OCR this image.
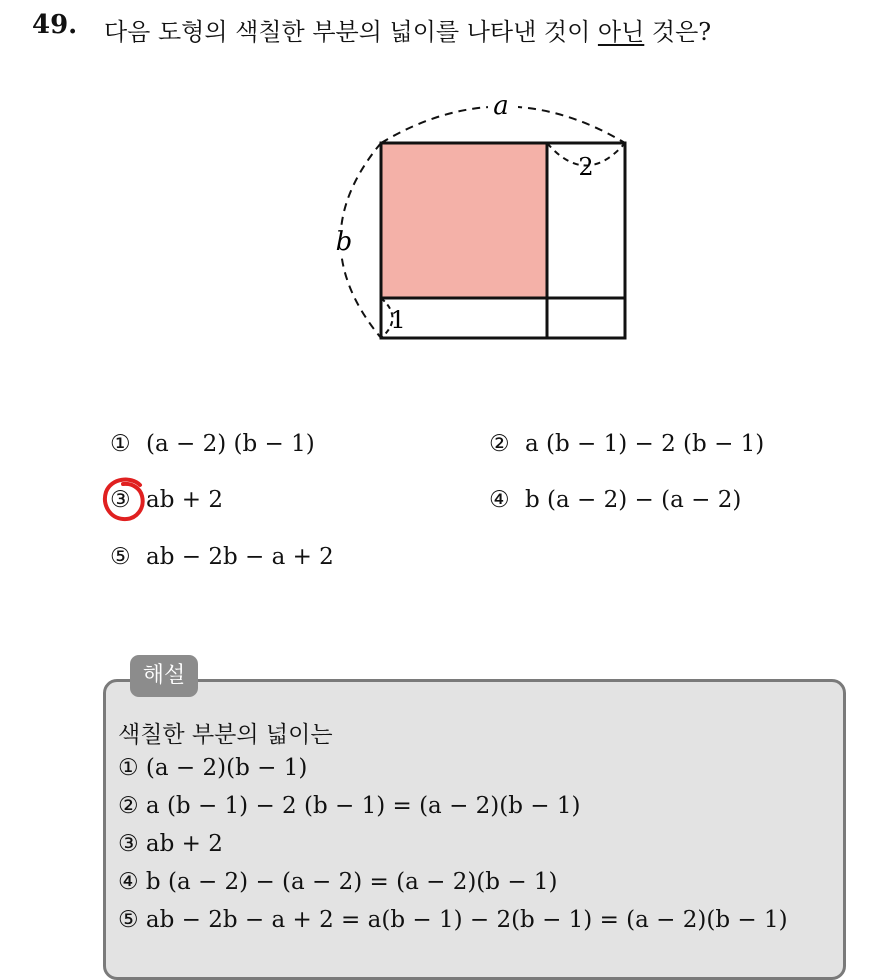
49. 다음 도형의 색칠한 부분의 넓이를 나타낸 것이 아닌 것은?
a
b
2
1
① (a − 2) (b − 1)	② a (b − 1) − 2 (b − 1)
③ ab + 2	④ b (a − 2) − (a − 2)
⑤ ab − 2b − a + 2
해설
색칠한 부분의 넓이는
① (a − 2)(b − 1)
② a (b − 1) − 2 (b − 1) = (a − 2)(b − 1)
③ ab + 2
④ b (a − 2) − (a − 2) = (a − 2)(b − 1)
⑤ ab − 2b − a + 2 = a(b − 1) − 2(b − 1) = (a − 2)(b − 1)
